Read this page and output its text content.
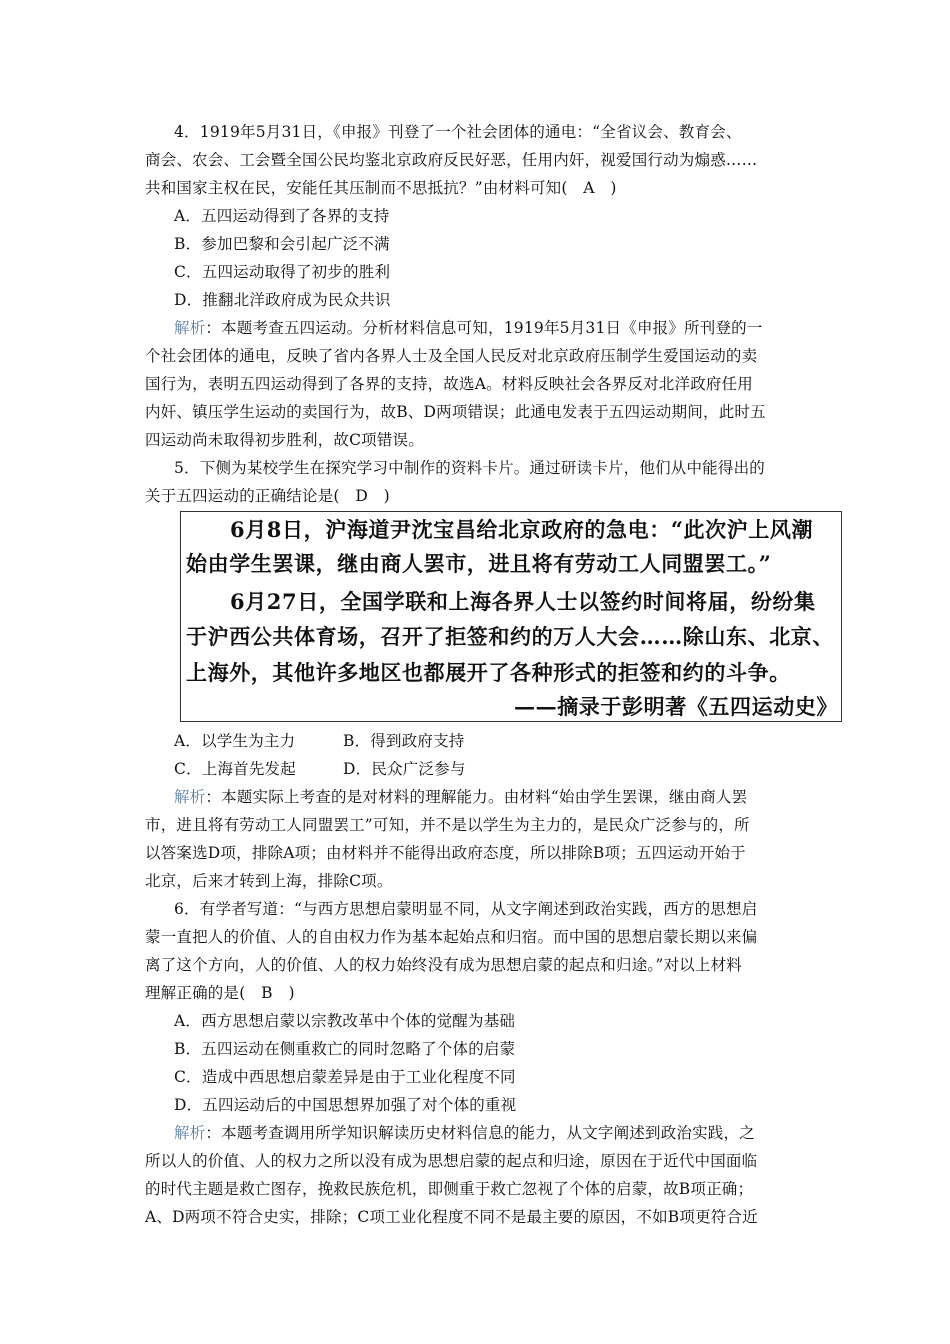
4．1919年5月31日，《申报》刊登了一个社会团体的通电：“全省议会、教育会、
商会、农会、工会暨全国公民均鉴北京政府反民好恶，任用内奸，视爱国行动为煽惑……
共和国家主权在民，安能任其压制而不思抵抗？”由材料可知(　A　)
A．五四运动得到了各界的支持
B．参加巴黎和会引起广泛不满
C．五四运动取得了初步的胜利
D．推翻北洋政府成为民众共识
解析：本题考查五四运动。分析材料信息可知，1919年5月31日《申报》所刊登的一
个社会团体的通电，反映了省内各界人士及全国人民反对北京政府压制学生爱国运动的卖
国行为，表明五四运动得到了各界的支持，故选A。材料反映社会各界反对北洋政府任用
内奸、镇压学生运动的卖国行为，故B、D两项错误；此通电发表于五四运动期间，此时五
四运动尚未取得初步胜利，故C项错误。
5．下侧为某校学生在探究学习中制作的资料卡片。通过研读卡片，他们从中能得出的
关于五四运动的正确结论是(　D　)
6月8日，沪海道尹沈宝昌给北京政府的急电：“此次沪上风潮
始由学生罢课，继由商人罢市，进且将有劳动工人同盟罢工。”
6月27日，全国学联和上海各界人士以签约时间将届，纷纷集
于沪西公共体育场，召开了拒签和约的万人大会……除山东、北京、
上海外，其他许多地区也都展开了各种形式的拒签和约的斗争。
——摘录于彭明著《五四运动史》
A．以学生为主力	B．得到政府支持
C．上海首先发起	D．民众广泛参与
解析：本题实际上考查的是对材料的理解能力。由材料“始由学生罢课，继由商人罢
市，进且将有劳动工人同盟罢工”可知，并不是以学生为主力的，是民众广泛参与的，所
以答案选D项，排除A项；由材料并不能得出政府态度，所以排除B项；五四运动开始于
北京，后来才转到上海，排除C项。
6．有学者写道：“与西方思想启蒙明显不同，从文字阐述到政治实践，西方的思想启
蒙一直把人的价值、人的自由权力作为基本起始点和归宿。而中国的思想启蒙长期以来偏
离了这个方向，人的价值、人的权力始终没有成为思想启蒙的起点和归途。”对以上材料
理解正确的是(　B　)
A．西方思想启蒙以宗教改革中个体的觉醒为基础
B．五四运动在侧重救亡的同时忽略了个体的启蒙
C．造成中西思想启蒙差异是由于工业化程度不同
D．五四运动后的中国思想界加强了对个体的重视
解析：本题考查调用所学知识解读历史材料信息的能力，从文字阐述到政治实践，之
所以人的价值、人的权力之所以没有成为思想启蒙的起点和归途，原因在于近代中国面临
的时代主题是救亡图存，挽救民族危机，即侧重于救亡忽视了个体的启蒙，故B项正确；
A、D两项不符合史实，排除；C项工业化程度不同不是最主要的原因，不如B项更符合近
